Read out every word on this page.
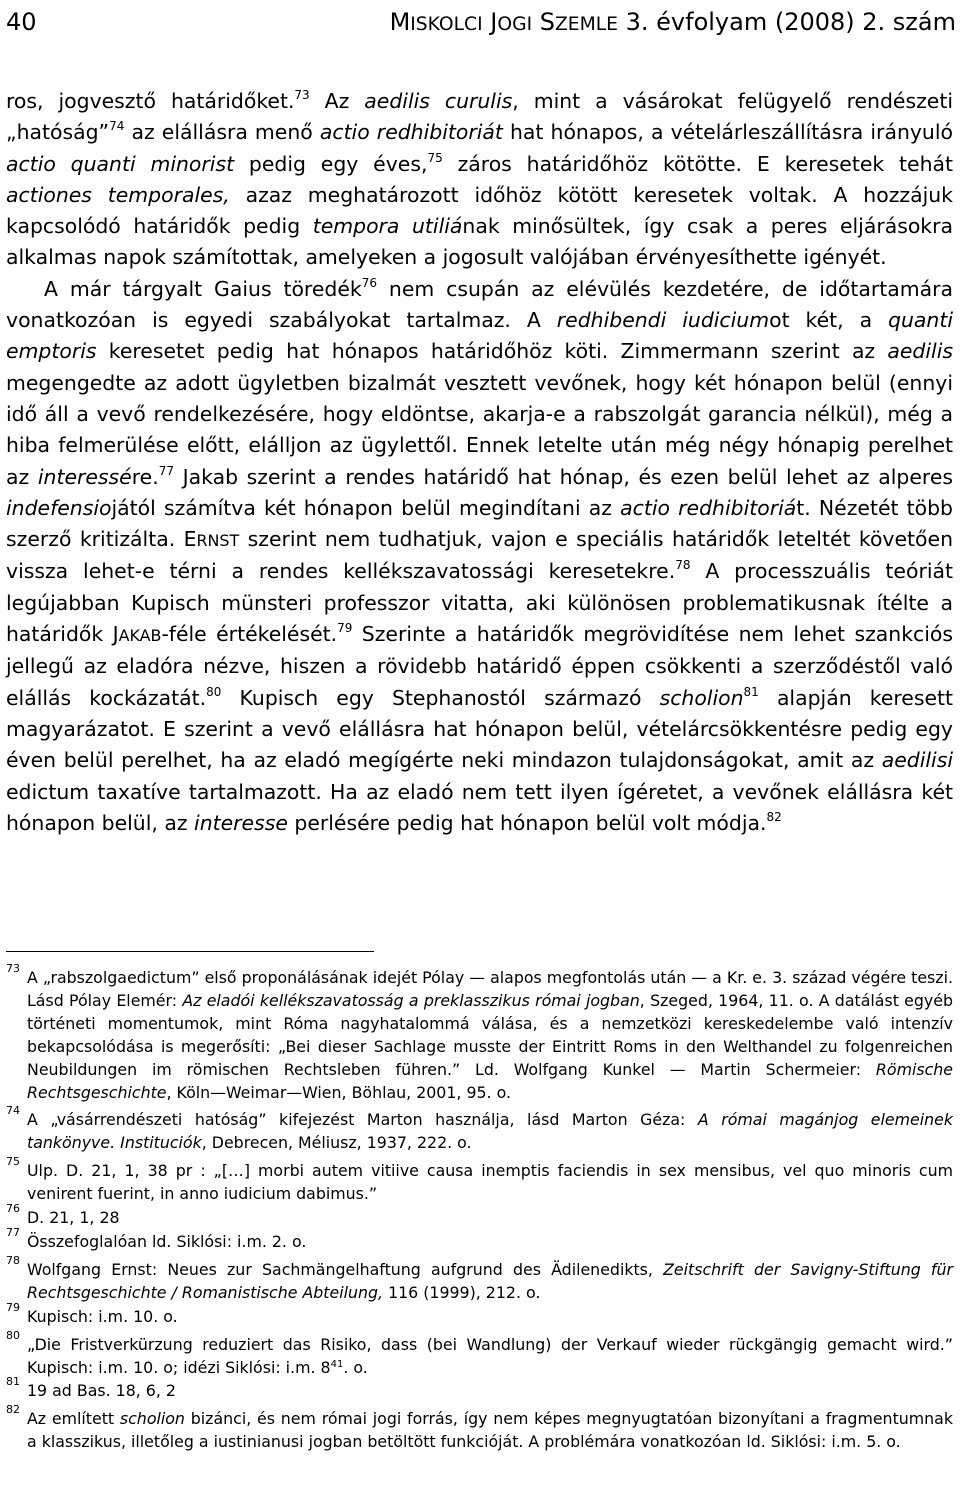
40	MISKOLCI JOGI SZEMLE 3. évfolyam (2008) 2. szám

ros, jogvesztő határidőket.$^{73}$ Az aedilis curulis, mint a vásárokat felügyelő rendészeti „hatóság”$^{74}$ az elállásra menő actio redhibitoriát hat hónapos, a vételárleszállításra irányuló actio quanti minorist pedig egy éves,$^{75}$ záros határidőhöz kötötte. E keresetek tehát actiones temporales, azaz meghatározott időhöz kötött keresetek voltak. A hozzájuk kapcsolódó határidők pedig tempora utiliának minősültek, így csak a peres eljárásokra alkalmas napok számítottak, amelyeken a jogosult valójában érvényesíthette igényét.

A már tárgyalt Gaius töredék$^{76}$ nem csupán az elévülés kezdetére, de időtartamára vonatkozóan is egyedi szabályokat tartalmaz. A redhibendi iudiciumot két, a quanti emptoris keresetet pedig hat hónapos határidőhöz köti. Zimmermann szerint az aedilis megengedte az adott ügyletben bizalmát vesztett vevőnek, hogy két hónapon belül (ennyi idő áll a vevő rendelkezésére, hogy eldöntse, akarja-e a rabszolgát garancia nélkül), még a hiba felmerülése előtt, elálljon az ügylettől. Ennek letelte után még négy hónapig perelhet az interessére.$^{77}$ Jakab szerint a rendes határidő hat hónap, és ezen belül lehet az alperes indefensiojától számítva két hónapon belül megindítani az actio redhibitoriát. Nézetét több szerző kritizálta. ERNST szerint nem tudhatjuk, vajon e speciális határidők leteltét követően vissza lehet-e térni a rendes kellékszavatossági keresetekre.$^{78}$ A processzuális teóriát legújabban Kupisch münsteri professzor vitatta, aki különösen problematikusnak ítélte a határidők JAKAB-féle értékelését.$^{79}$ Szerinte a határidők megrövidítése nem lehet szankciós jellegű az eladóra nézve, hiszen a rövidebb határidő éppen csökkenti a szerződéstől való elállás kockázatát.$^{80}$ Kupisch egy Stephanostól származó scholion$^{81}$ alapján keresett magyarázatot. E szerint a vevő elállásra hat hónapon belül, vételárcsökkentésre pedig egy éven belül perelhet, ha az eladó megígérte neki mindazon tulajdonságokat, amit az aedilisi edictum taxatíve tartalmazott. Ha az eladó nem tett ilyen ígéretet, a vevőnek elállásra két hónapon belül, az interesse perlésére pedig hat hónapon belül volt módja.$^{82}$

73 A „rabszolgaedictum” első proponálásának idejét Pólay — alapos megfontolás után — a Kr. e. 3. század végére teszi. Lásd Pólay Elemér: Az eladói kellékszavatosság a preklasszikus római jogban, Szeged, 1964, 11. o. A datálást egyéb történeti momentumok, mint Róma nagyhatalommá válása, és a nemzetközi kereskedelembe való intenzív bekapcsolódása is megerősíti: „Bei dieser Sachlage musste der Eintritt Roms in den Welthandel zu folgenreichen Neubildungen im römischen Rechtsleben führen.” Ld. Wolfgang Kunkel — Martin Schermeier: Römische Rechtsgeschichte, Köln—Weimar—Wien, Böhlau, 2001, 95. o.

74 A „vásárrendészeti hatóság” kifejezést Marton használja, lásd Marton Géza: A római magánjog elemeinek tankönyve. Instituciók, Debrecen, Méliusz, 1937, 222. o.

75 Ulp. D. 21, 1, 38 pr : „[…] morbi autem vitiive causa inemptis faciendis in sex mensibus, vel quo minoris cum venirent fuerint, in anno iudicium dabimus.”

76 D. 21, 1, 28

77 Összefoglalóan ld. Siklósi: i.m. 2. o.

78 Wolfgang Ernst: Neues zur Sachmängelhaftung aufgrund des Ädilenedikts, Zeitschrift der Savigny-Stiftung für Rechtsgeschichte / Romanistische Abteilung, 116 (1999), 212. o.

79 Kupisch: i.m. 10. o.

80 „Die Fristverkürzung reduziert das Risiko, dass (bei Wandlung) der Verkauf wieder rückgängig gemacht wird.” Kupisch: i.m. 10. o; idézi Siklósi: i.m. $8^{41}$. o.

81 19 ad Bas. 18, 6, 2

82 Az említett scholion bizánci, és nem római jogi forrás, így nem képes megnyugtatóan bizonyítani a fragmentumnak a klasszikus, illetőleg a iustinianusi jogban betöltött funkcióját. A problémára vonatkozóan ld. Siklósi: i.m. 5. o.
